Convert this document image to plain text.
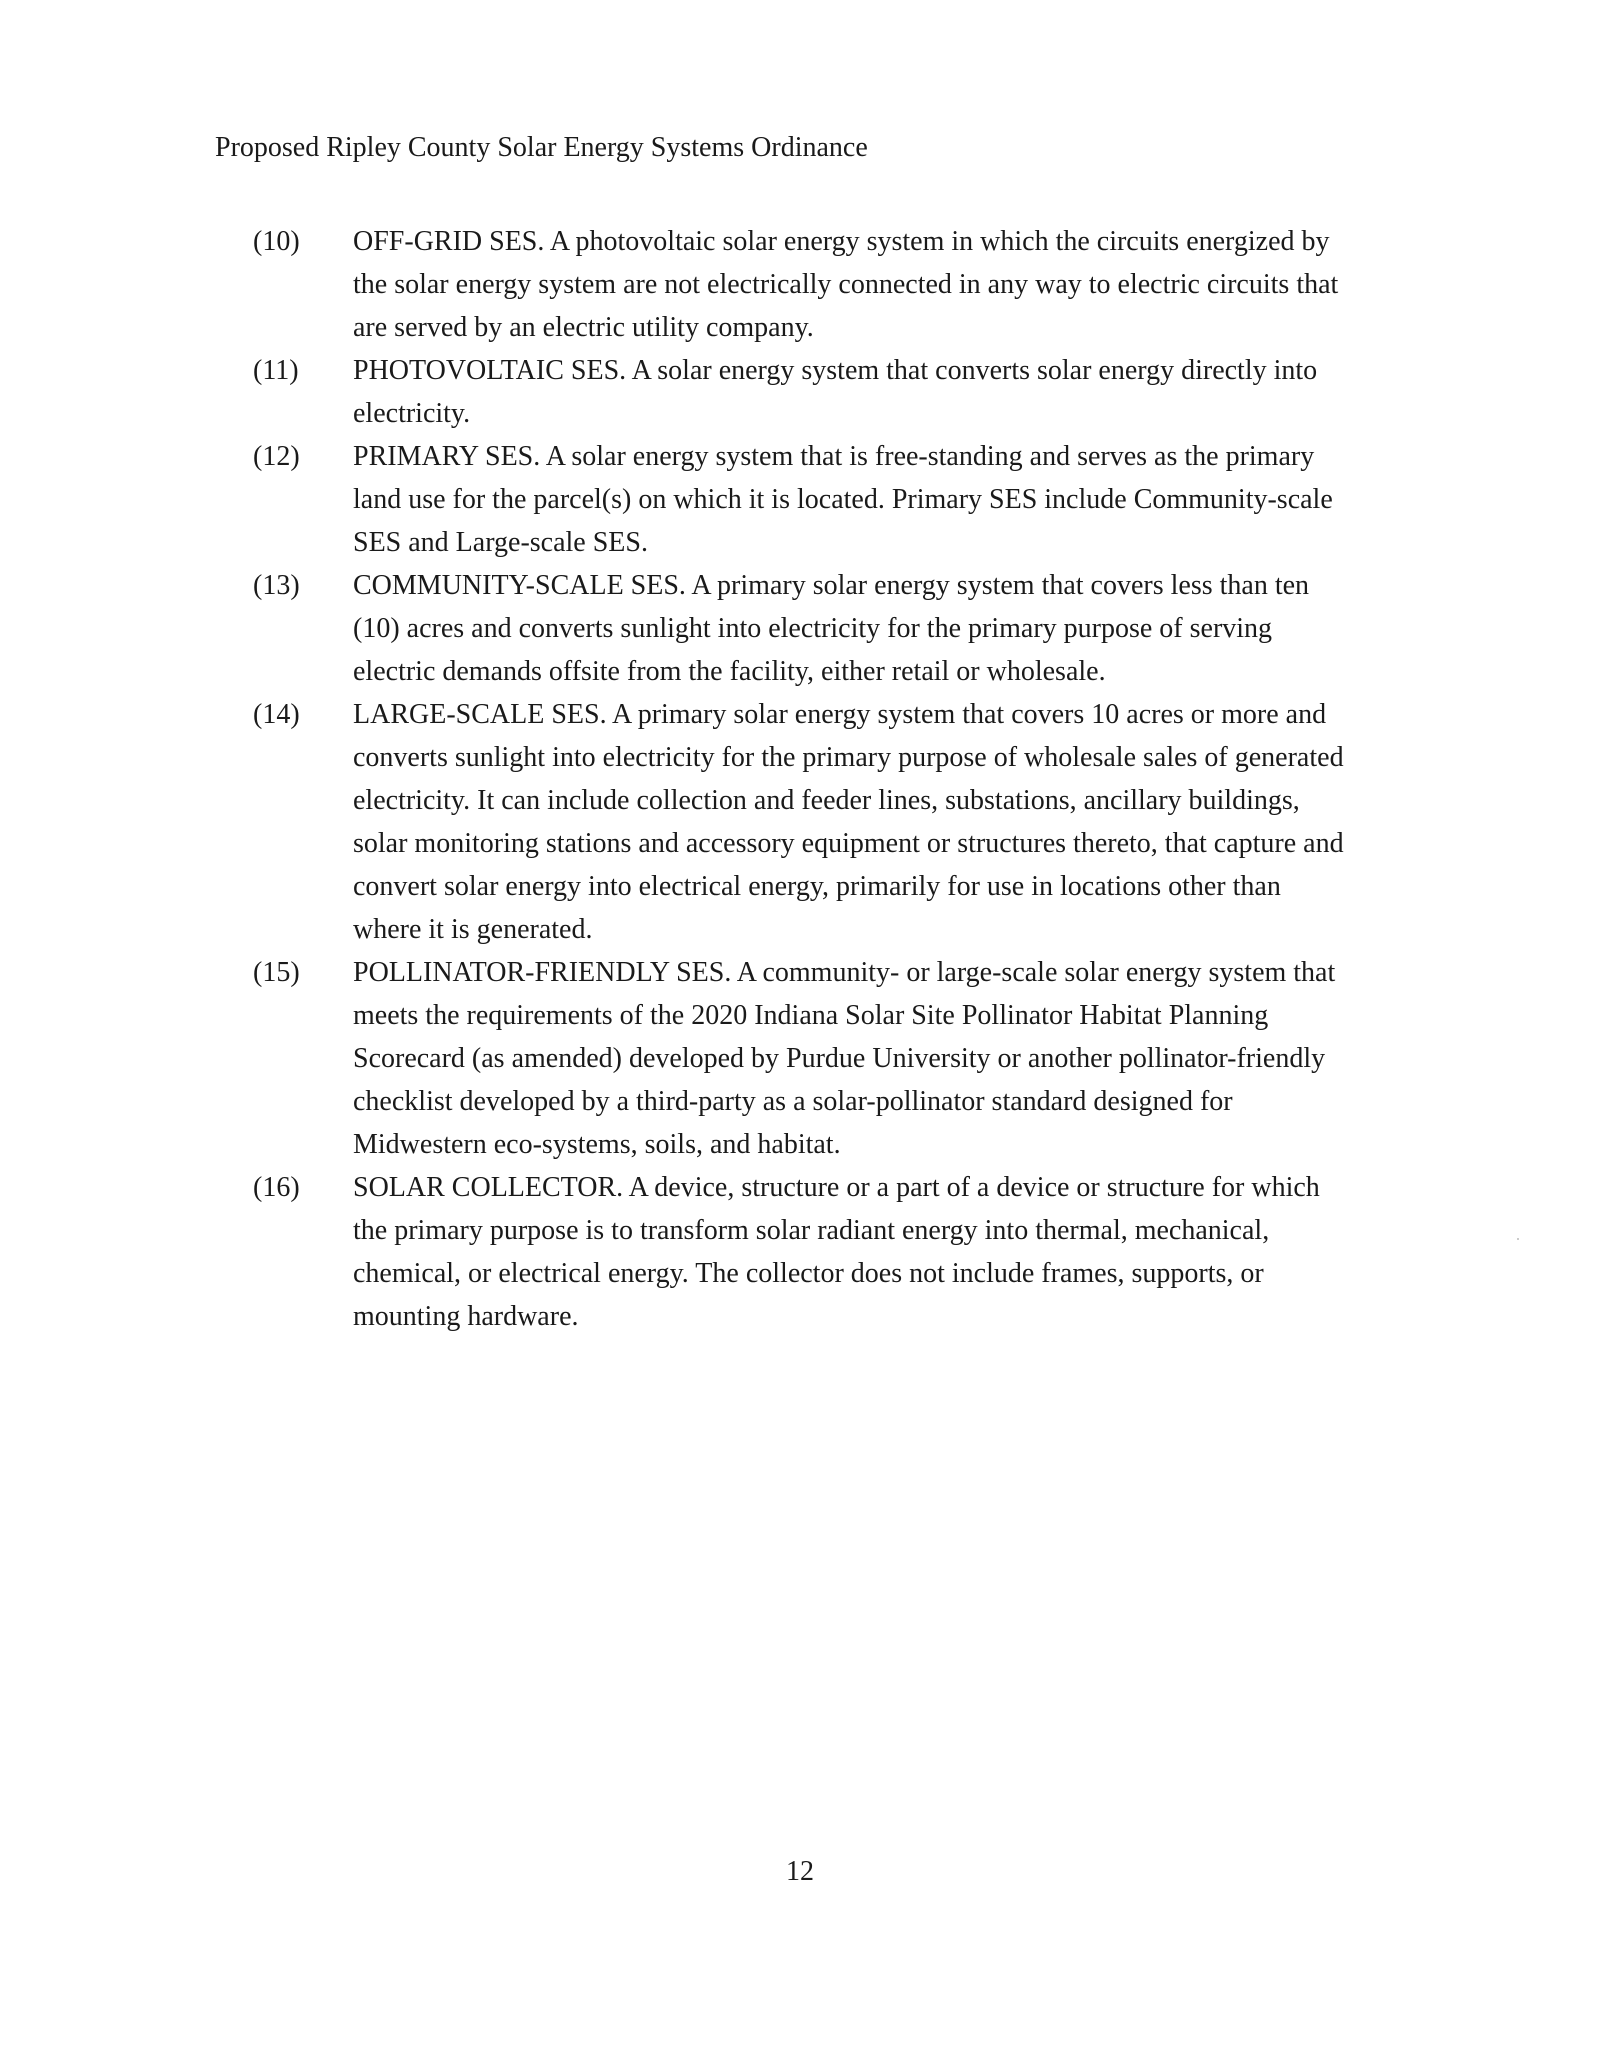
Proposed Ripley County Solar Energy Systems Ordinance
(10)	OFF-GRID SES. A photovoltaic solar energy system in which the circuits energized by the solar energy system are not electrically connected in any way to electric circuits that are served by an electric utility company.
(11)	PHOTOVOLTAIC SES. A solar energy system that converts solar energy directly into electricity.
(12)	PRIMARY SES. A solar energy system that is free-standing and serves as the primary land use for the parcel(s) on which it is located. Primary SES include Community-scale SES and Large-scale SES.
(13)	COMMUNITY-SCALE SES. A primary solar energy system that covers less than ten (10) acres and converts sunlight into electricity for the primary purpose of serving electric demands offsite from the facility, either retail or wholesale.
(14)	LARGE-SCALE SES. A primary solar energy system that covers 10 acres or more and converts sunlight into electricity for the primary purpose of wholesale sales of generated electricity. It can include collection and feeder lines, substations, ancillary buildings, solar monitoring stations and accessory equipment or structures thereto, that capture and convert solar energy into electrical energy, primarily for use in locations other than where it is generated.
(15)	POLLINATOR-FRIENDLY SES. A community- or large-scale solar energy system that meets the requirements of the 2020 Indiana Solar Site Pollinator Habitat Planning Scorecard (as amended) developed by Purdue University or another pollinator-friendly checklist developed by a third-party as a solar-pollinator standard designed for Midwestern eco-systems, soils, and habitat.
(16)	SOLAR COLLECTOR. A device, structure or a part of a device or structure for which the primary purpose is to transform solar radiant energy into thermal, mechanical, chemical, or electrical energy. The collector does not include frames, supports, or mounting hardware.
12
